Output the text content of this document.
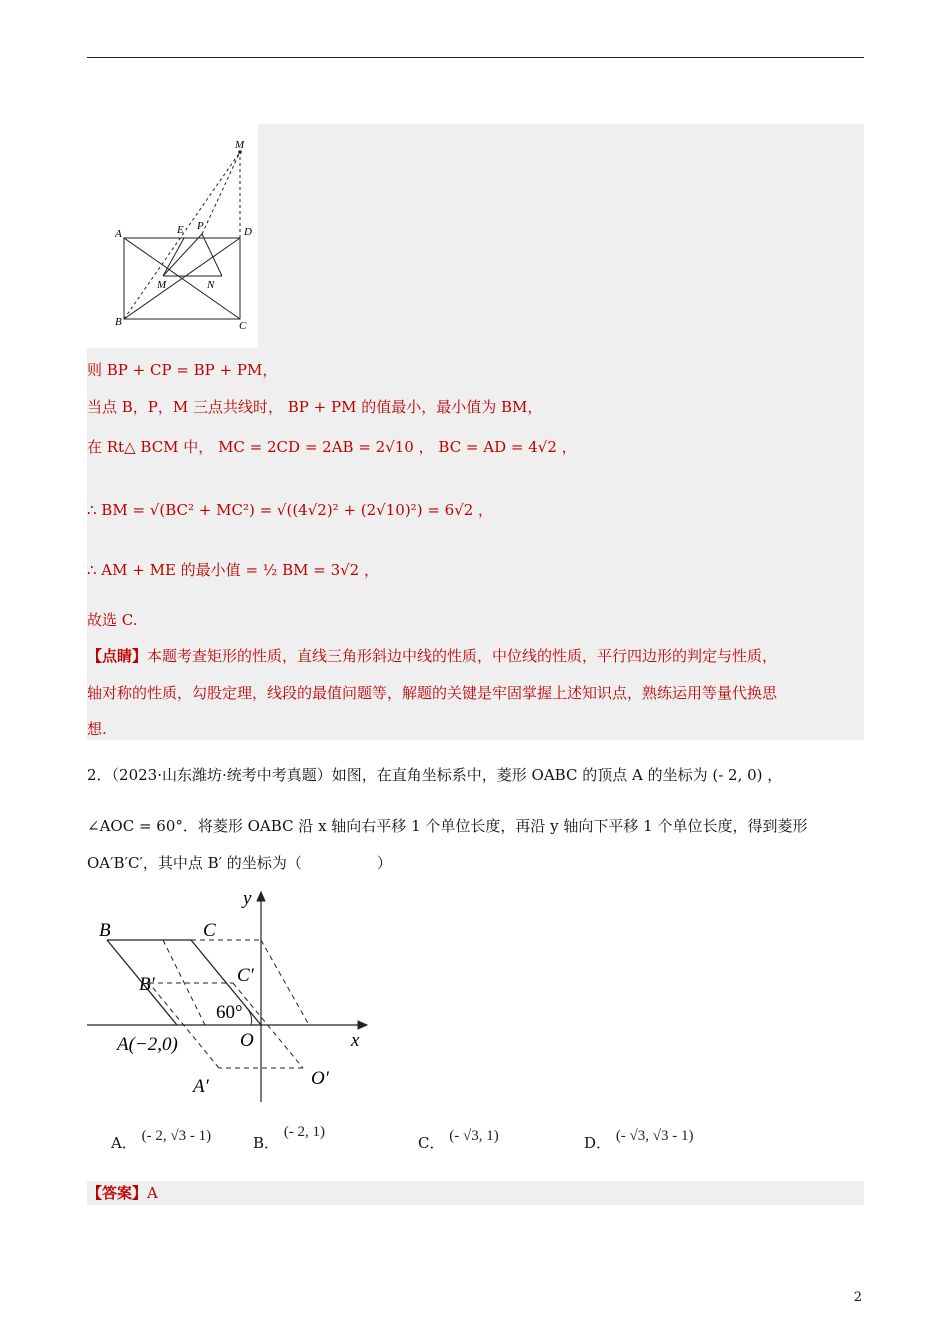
M
A	E P	D
M	N
B	C
则 BP + CP = BP + PM，
当点 B，P，M 三点共线时， BP + PM 的值最小，最小值为 BM，
在 Rt△ BCM 中， MC = 2CD = 2AB = 2√10 ， BC = AD = 4√2 ，
∴ BM = √(BC² + MC²) = √((4√2)² + (2√10)²) = 6√2 ，
∴ AM + ME 的最小值 = ½ BM = 3√2 ，
故选 C.
【点睛】本题考查矩形的性质，直线三角形斜边中线的性质，中位线的性质，平行四边形的判定与性质，
轴对称的性质，勾股定理，线段的最值问题等，解题的关键是牢固掌握上述知识点，熟练运用等量代换思
想.
2．（2023·山东潍坊·统考中考真题）如图，在直角坐标系中，菱形 OABC 的顶点 A 的坐标为 (- 2, 0) ，
∠AOC = 60°．将菱形 OABC 沿 x 轴向右平移 1 个单位长度，再沿 y 轴向下平移 1 个单位长度，得到菱形
OA′B′C′，其中点 B′ 的坐标为（　　　　　）
B	C
B′	C′
60°
A(−2,0)	O	x
y
A′	O′
A． (- 2, √3 - 1)	B． (- 2, 1)
C． (- √3, 1)	D． (- √3, √3 - 1)
【答案】A
2
